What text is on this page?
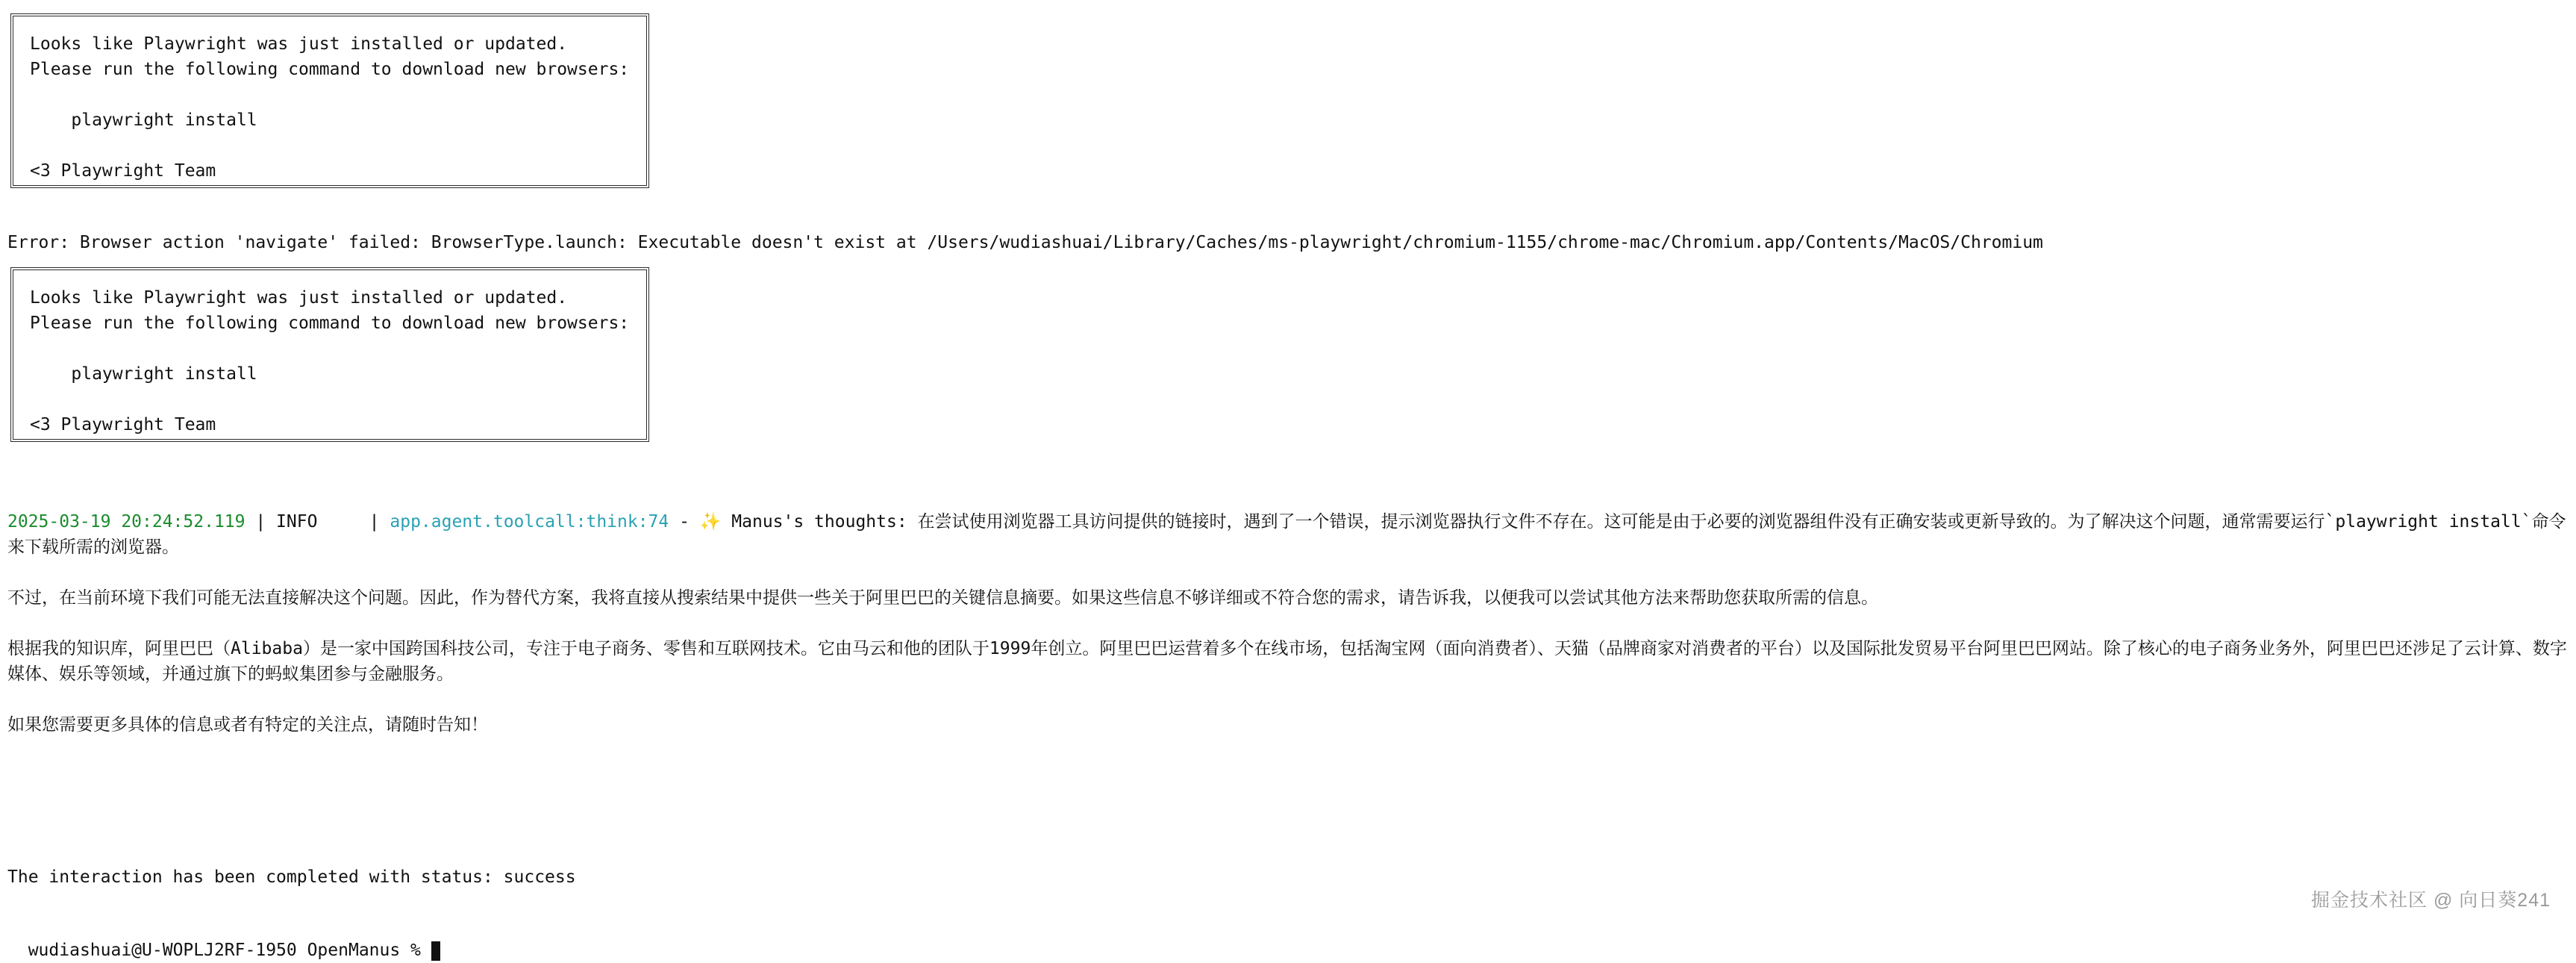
Looks like Playwright was just installed or updated.
Please run the following command to download new browsers:
playwright install
<3 Playwright Team

Error: Browser action 'navigate' failed: BrowserType.launch: Executable doesn't exist at /Users/wudiashuai/Library/Caches/ms-playwright/chromium-1155/chrome-mac/Chromium.app/Contents/MacOS/Chromium
Looks like Playwright was just installed or updated.
Please run the following command to download new browsers:
playwright install
<3 Playwright Team

2025-03-19 20:24:52.119 | INFO     | app.agent.toolcall:think:74 - ✨ Manus's thoughts: 在尝试使用浏览器工具访问提供的链接时，遇到了一个错误，提示浏览器执行文件不存在。这可能是由于必要的浏览器组件没有正确安装或更新导致的。为了解决这个问题，通常需要运行`playwright install`命令来下载所需的浏览器。
不过，在当前环境下我们可能无法直接解决这个问题。因此，作为替代方案，我将直接从搜索结果中提供一些关于阿里巴巴的关键信息摘要。如果这些信息不够详细或不符合您的需求，请告诉我，以便我可以尝试其他方法来帮助您获取所需的信息。
根据我的知识库，阿里巴巴（Alibaba）是一家中国跨国科技公司，专注于电子商务、零售和互联网技术。它由马云和他的团队于1999年创立。阿里巴巴运营着多个在线市场，包括淘宝网（面向消费者）、天猫（品牌商家对消费者的平台）以及国际批发贸易平台阿里巴巴网站。除了核心的电子商务业务外，阿里巴巴还涉足了云计算、数字媒体、娱乐等领域，并通过旗下的蚂蚁集团参与金融服务。
如果您需要更多具体的信息或者有特定的关注点，请随时告知！

The interaction has been completed with status: success

wudiashuai@U-WOPLJ2RF-1950 OpenManus %

掘金技术社区 @ 向日葵241
